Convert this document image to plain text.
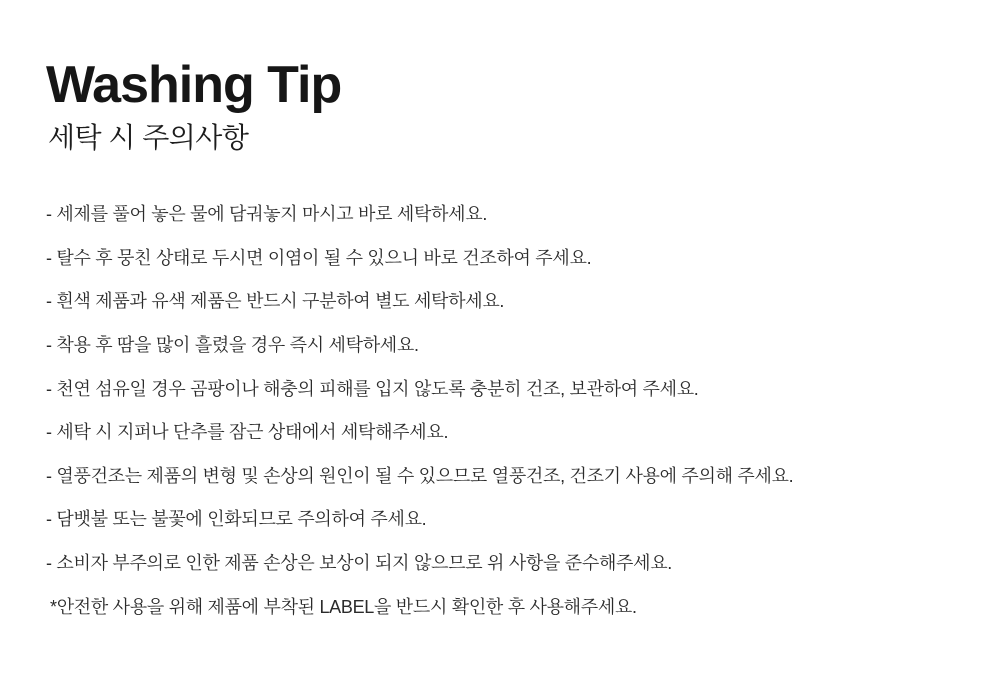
Washing Tip
세탁 시 주의사항
- 세제를 풀어 놓은 물에 담궈놓지 마시고 바로 세탁하세요.
- 탈수 후 뭉친 상태로 두시면 이염이 될 수 있으니 바로 건조하여 주세요.
- 흰색 제품과 유색 제품은 반드시 구분하여 별도 세탁하세요.
- 착용 후 땀을 많이 흘렸을 경우 즉시 세탁하세요.
- 천연 섬유일 경우 곰팡이나 해충의 피해를 입지 않도록 충분히 건조, 보관하여 주세요.
- 세탁 시 지퍼나 단추를 잠근 상태에서 세탁해주세요.
- 열풍건조는 제품의 변형 및 손상의 원인이 될 수 있으므로 열풍건조, 건조기 사용에 주의해 주세요.
- 담뱃불 또는 불꽃에 인화되므로 주의하여 주세요.
- 소비자 부주의로 인한 제품 손상은 보상이 되지 않으므로 위 사항을 준수해주세요.

*안전한 사용을 위해 제품에 부착된 LABEL을 반드시 확인한 후 사용해주세요.
